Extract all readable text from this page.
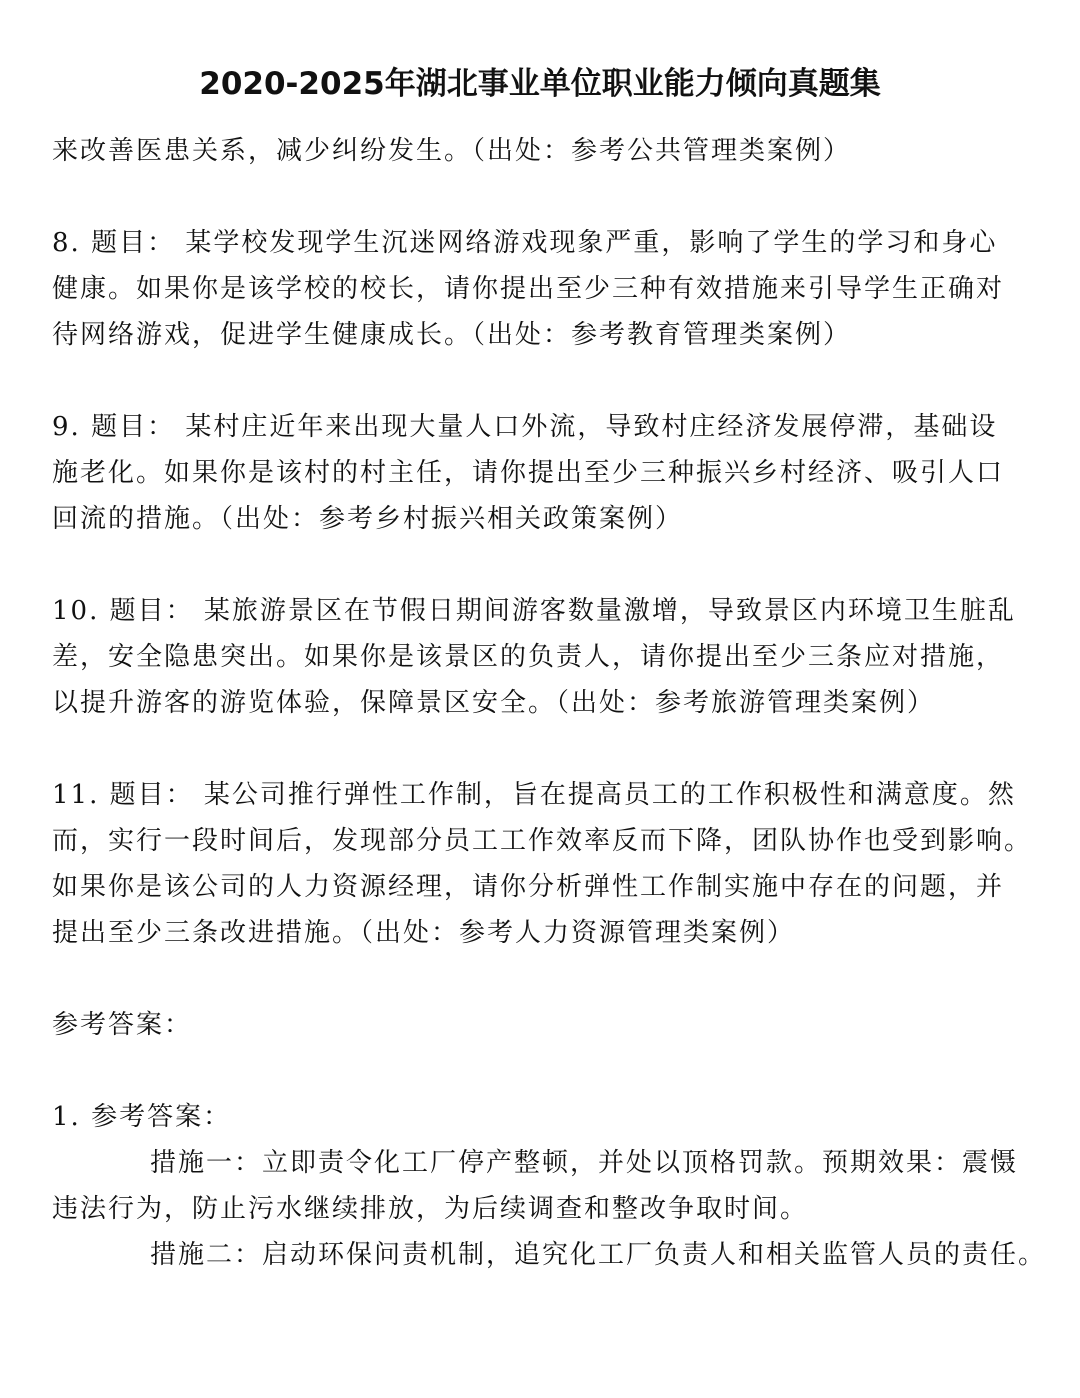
2020-2025年湖北事业单位职业能力倾向真题集
来改善医患关系，减少纠纷发生。（出处：参考公共管理类案例）
8. 题目： 某学校发现学生沉迷网络游戏现象严重，影响了学生的学习和身心
健康。如果你是该学校的校长，请你提出至少三种有效措施来引导学生正确对
待网络游戏，促进学生健康成长。（出处：参考教育管理类案例）
9. 题目： 某村庄近年来出现大量人口外流，导致村庄经济发展停滞，基础设
施老化。如果你是该村的村主任，请你提出至少三种振兴乡村经济、吸引人口
回流的措施。（出处：参考乡村振兴相关政策案例）
10. 题目： 某旅游景区在节假日期间游客数量激增，导致景区内环境卫生脏乱
差，安全隐患突出。如果你是该景区的负责人，请你提出至少三条应对措施，
以提升游客的游览体验，保障景区安全。（出处：参考旅游管理类案例）
11. 题目： 某公司推行弹性工作制，旨在提高员工的工作积极性和满意度。然
而，实行一段时间后，发现部分员工工作效率反而下降，团队协作也受到影响。
如果你是该公司的人力资源经理，请你分析弹性工作制实施中存在的问题，并
提出至少三条改进措施。（出处：参考人力资源管理类案例）
参考答案：
1. 参考答案：
措施一：立即责令化工厂停产整顿，并处以顶格罚款。预期效果：震慑
违法行为，防止污水继续排放，为后续调查和整改争取时间。
措施二：启动环保问责机制，追究化工厂负责人和相关监管人员的责任。
